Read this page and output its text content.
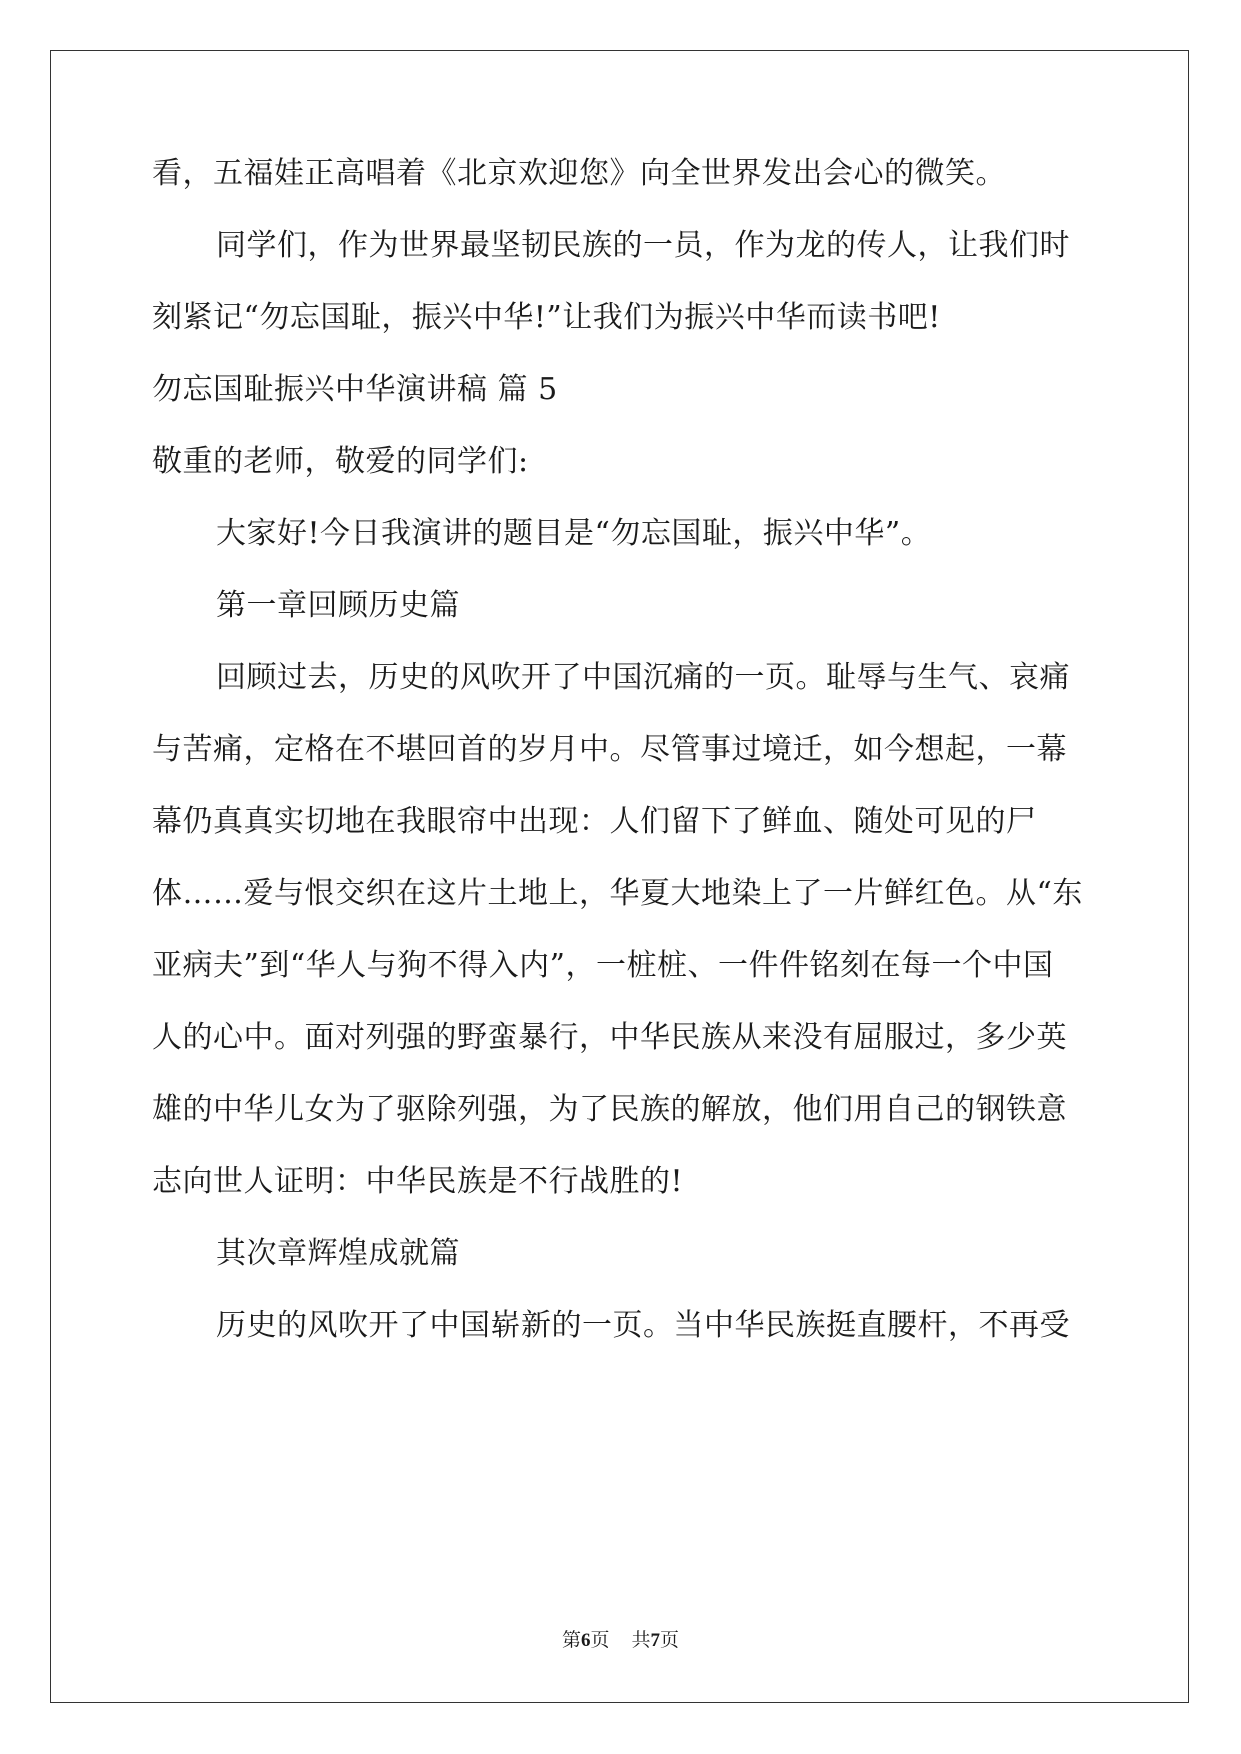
看，五福娃正高唱着《北京欢迎您》向全世界发出会心的微笑。
同学们，作为世界最坚韧民族的一员，作为龙的传人，让我们时
刻紧记“勿忘国耻，振兴中华!”让我们为振兴中华而读书吧!
勿忘国耻振兴中华演讲稿 篇 5
敬重的老师，敬爱的同学们:
大家好!今日我演讲的题目是“勿忘国耻，振兴中华”。
第一章回顾历史篇
回顾过去，历史的风吹开了中国沉痛的一页。耻辱与生气、哀痛
与苦痛，定格在不堪回首的岁月中。尽管事过境迁，如今想起，一幕
幕仍真真实切地在我眼帘中出现：人们留下了鲜血、随处可见的尸
体……爱与恨交织在这片土地上，华夏大地染上了一片鲜红色。从“东
亚病夫”到“华人与狗不得入内”，一桩桩、一件件铭刻在每一个中国
人的心中。面对列强的野蛮暴行，中华民族从来没有屈服过，多少英
雄的中华儿女为了驱除列强，为了民族的解放，他们用自己的钢铁意
志向世人证明：中华民族是不行战胜的!
其次章辉煌成就篇
历史的风吹开了中国崭新的一页。当中华民族挺直腰杆，不再受
第6页 共7页
